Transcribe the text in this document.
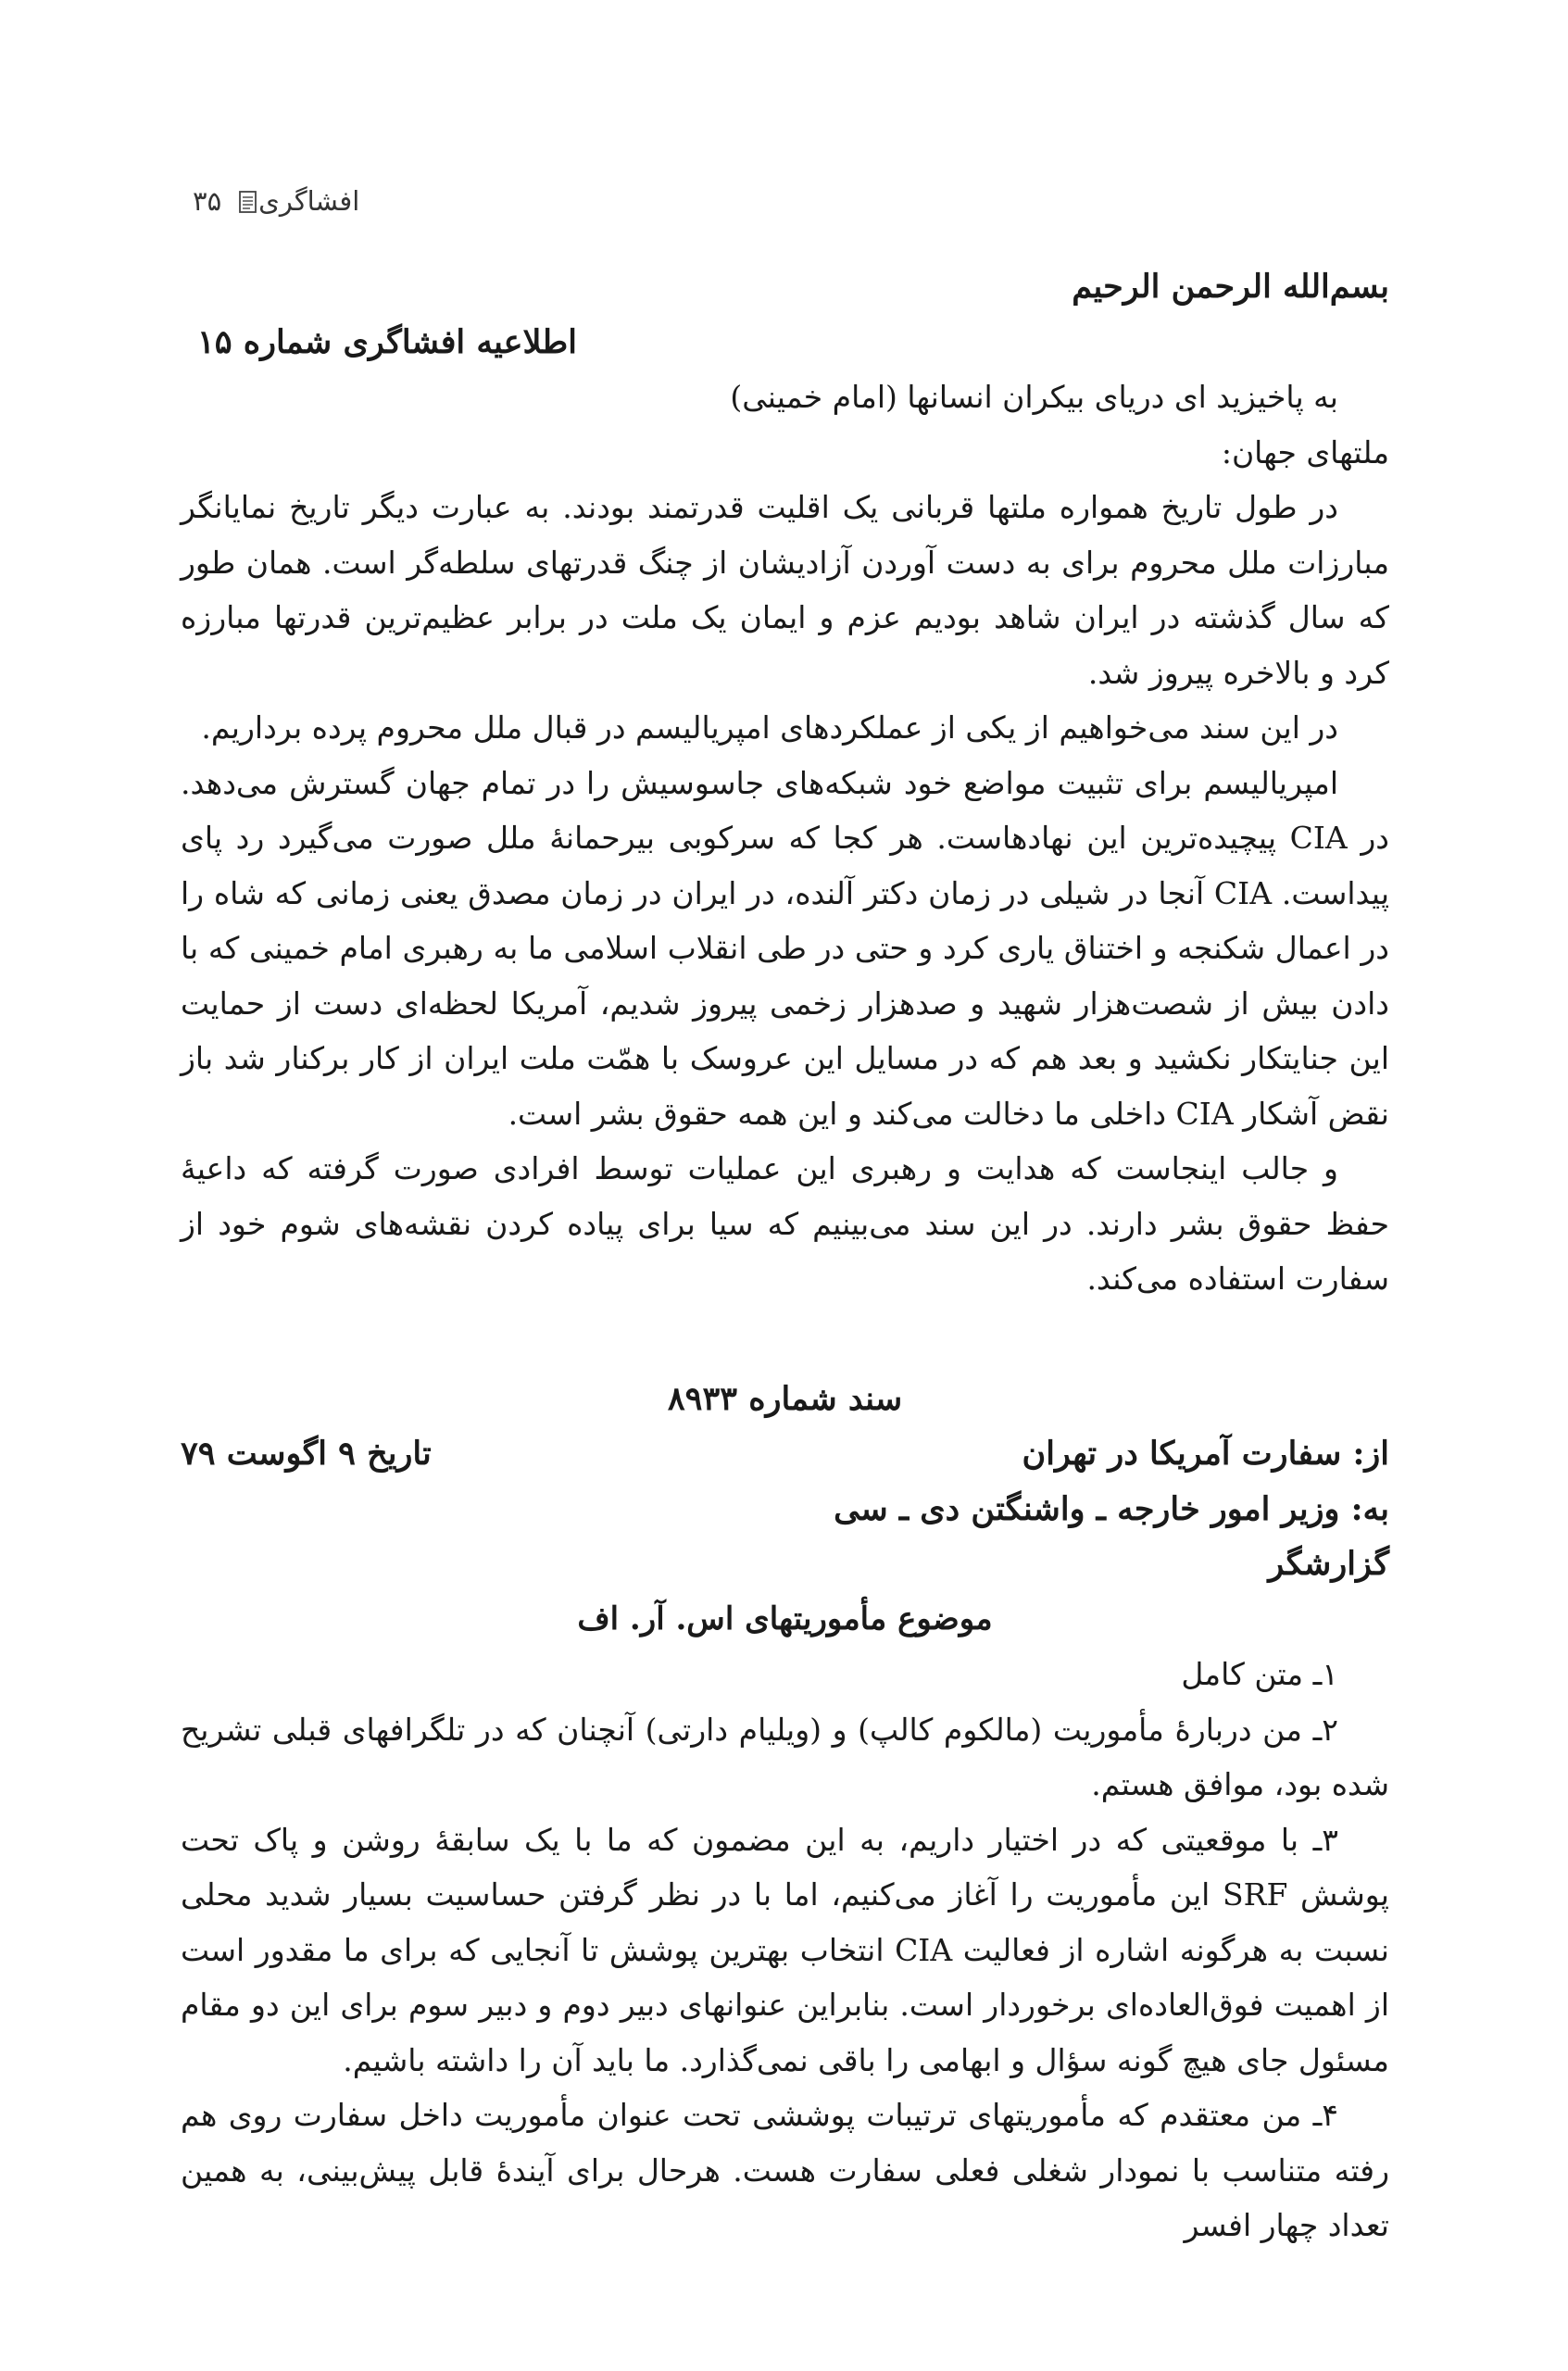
افشاگری
۳۵

بسم‌الله الرحمن الرحیم

اطلاعیه افشاگری شماره ۱۵

به پاخیزید ای دریای بیکران انسانها (امام خمینی)

ملتهای جهان:

در طول تاریخ همواره ملتها قربانی یک اقلیت قدرتمند بودند. به عبارت دیگر تاریخ نمایانگر مبارزات ملل محروم برای به دست آوردن آزادیشان از چنگ قدرتهای سلطه‌گر است. همان طور که سال گذشته در ایران شاهد بودیم عزم و ایمان یک ملت در برابر عظیم‌ترین قدرتها مبارزه کرد و بالاخره پیروز شد.

در این سند می‌خواهیم از یکی از عملکردهای امپریالیسم در قبال ملل محروم پرده برداریم.

امپریالیسم برای تثبیت مواضع خود شبکه‌های جاسوسیش را در تمام جهان گسترش می‌دهد. در CIA پیچیده‌ترین این نهادهاست. هر کجا که سرکوبی بیرحمانهٔ ملل صورت می‌گیرد رد پای پیداست. CIA آنجا در شیلی در زمان دکتر آلنده، در ایران در زمان مصدق یعنی زمانی که شاه را در اعمال شکنجه و اختناق یاری کرد و حتی در طی انقلاب اسلامی ما به رهبری امام خمینی که با دادن بیش از شصت‌هزار شهید و صدهزار زخمی پیروز شدیم، آمریکا لحظه‌ای دست از حمایت این جنایتکار نکشید و بعد هم که در مسایل این عروسک با همّت ملت ایران از کار برکنار شد باز نقض آشکار CIA داخلی ما دخالت می‌کند و این همه حقوق بشر است.

و جالب اینجاست که هدایت و رهبری این عملیات توسط افرادی صورت گرفته که داعیهٔ حفظ حقوق بشر دارند. در این سند می‌بینیم که سیا برای پیاده کردن نقشه‌های شوم خود از سفارت استفاده می‌کند.

سند شماره ۸۹۳۳

از: سفارت آمریکا در تهران
تاریخ ۹ اگوست ۷۹

به: وزیر امور خارجه ـ واشنگتن دی ـ سی

گزارشگر

موضوع مأموریتهای اس. آر. اف

۱ـ متن کامل

۲ـ من دربارهٔ مأموریت (مالکوم کالپ) و (ویلیام دارتی) آنچنان که در تلگرافهای قبلی تشریح شده بود، موافق هستم.

۳ـ با موقعیتی که در اختیار داریم، به این مضمون که ما با یک سابقهٔ روشن و پاک تحت پوشش SRF این مأموریت را آغاز می‌کنیم، اما با در نظر گرفتن حساسیت بسیار شدید محلی نسبت به هرگونه اشاره از فعالیت CIA انتخاب بهترین پوشش تا آنجایی که برای ما مقدور است از اهمیت فوق‌العاده‌ای برخوردار است. بنابراین عنوانهای دبیر دوم و دبیر سوم برای این دو مقام مسئول جای هیچ گونه سؤال و ابهامی را باقی نمی‌گذارد. ما باید آن را داشته باشیم.

۴ـ من معتقدم که مأموریتهای ترتیبات پوششی تحت عنوان مأموریت داخل سفارت روی هم رفته متناسب با نمودار شغلی فعلی سفارت هست. هرحال برای آیندهٔ قابل پیش‌بینی، به همین تعداد چهار افسر
